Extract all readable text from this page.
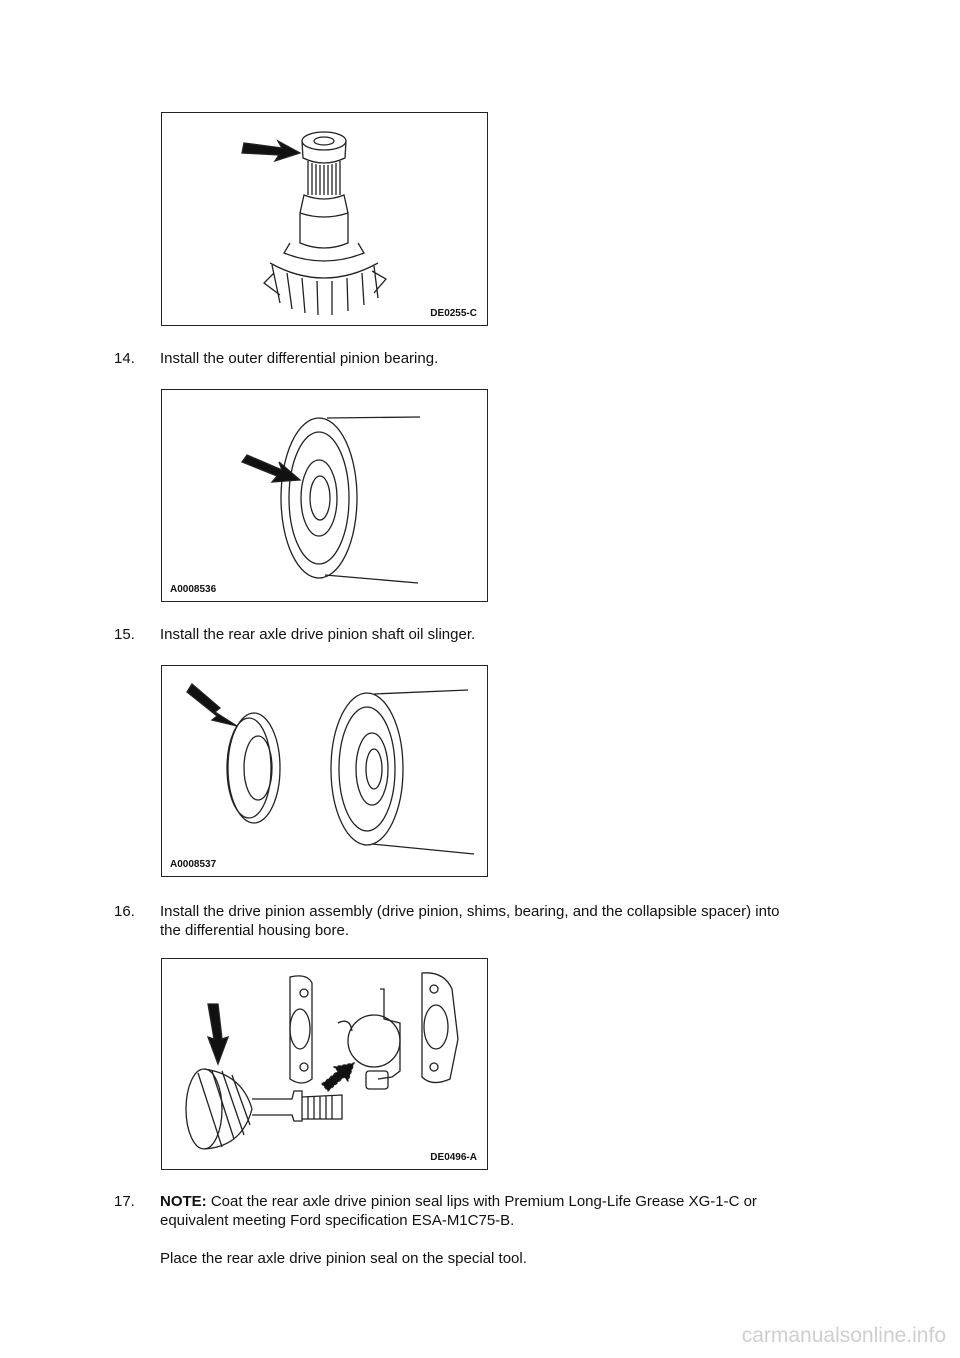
DE0255-C
14. Install the outer differential pinion bearing.
A0008536
15. Install the rear axle drive pinion shaft oil slinger.
A0008537
16. Install the drive pinion assembly (drive pinion, shims, bearing, and the collapsible spacer) into
the differential housing bore.
DE0496-A
17. NOTE: Coat the rear axle drive pinion seal lips with Premium Long-Life Grease XG-1-C or
equivalent meeting Ford specification ESA-M1C75-B.
Place the rear axle drive pinion seal on the special tool.
carmanualsonline.info
